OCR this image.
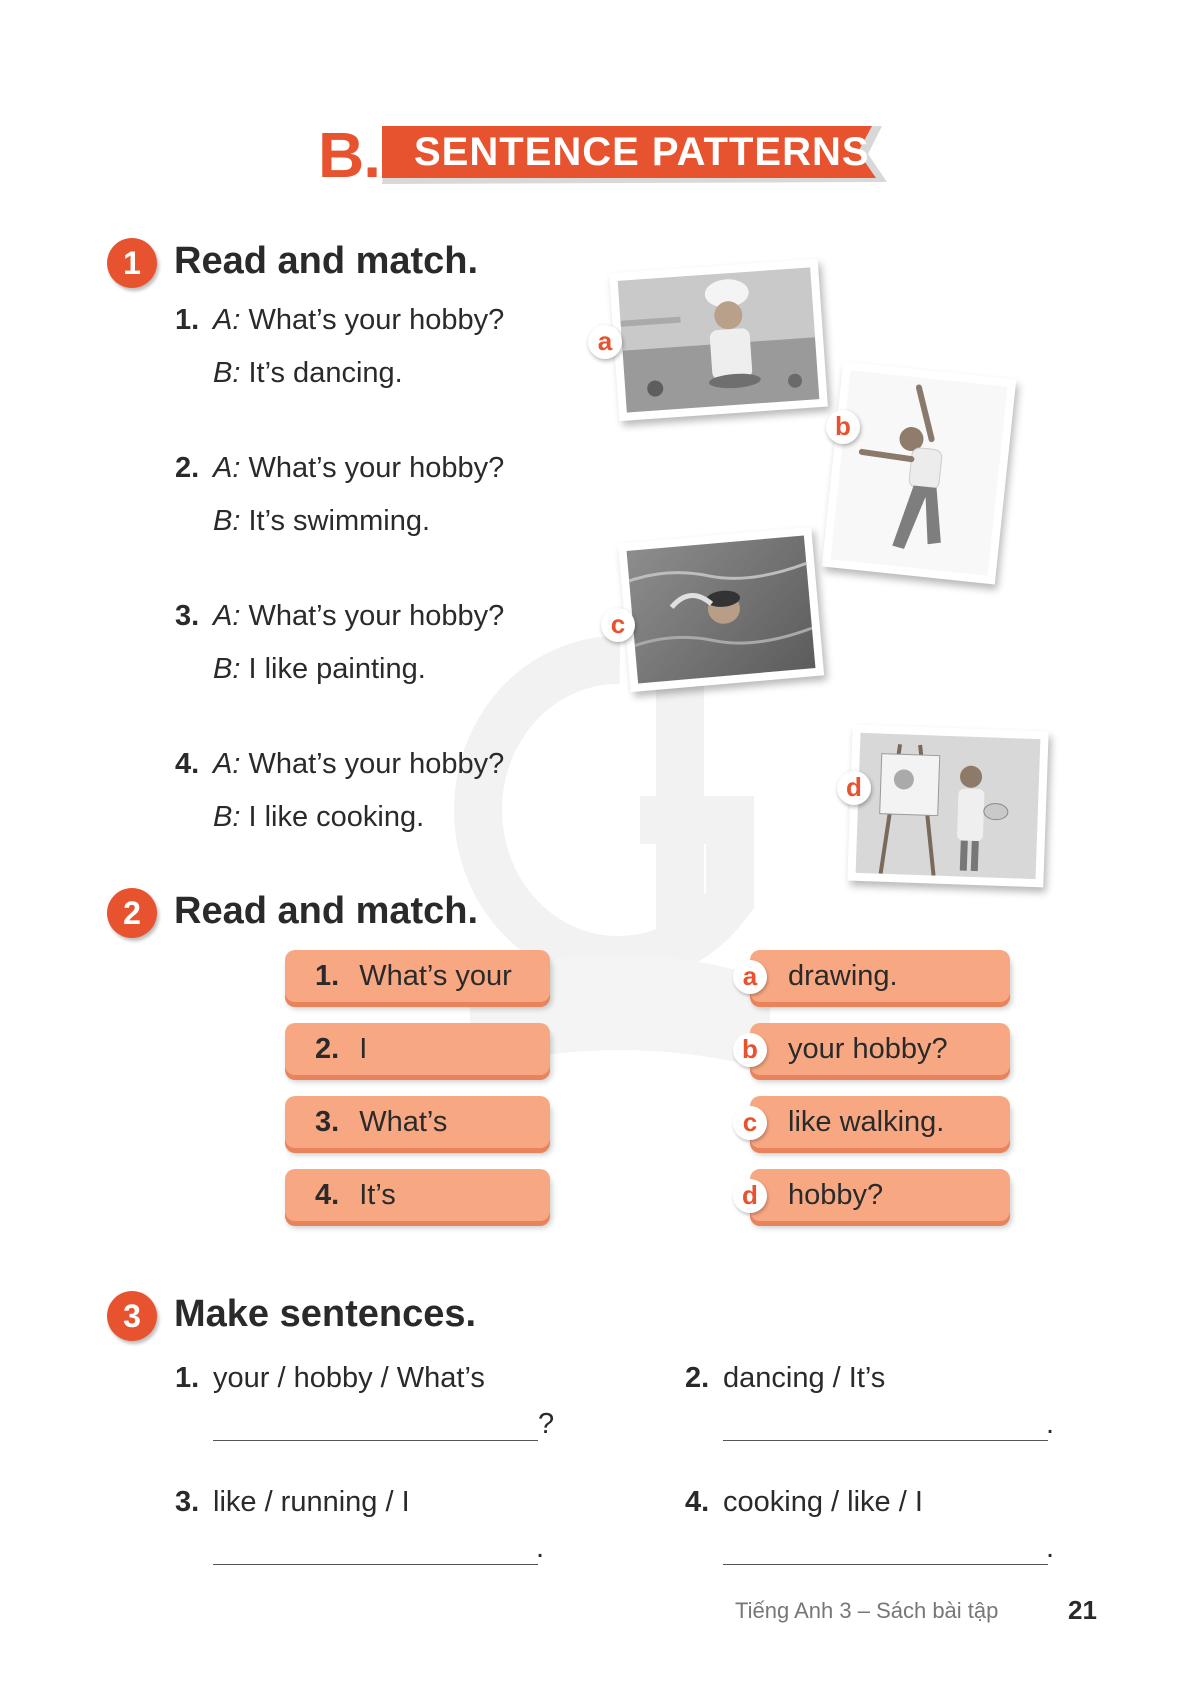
B. SENTENCE PATTERNS
1 Read and match.
1. A: What’s your hobby?
B: It’s dancing.
2. A: What’s your hobby?
B: It’s swimming.
3. A: What’s your hobby?
B: I like painting.
4. A: What’s your hobby?
B: I like cooking.
a
b
c
d
2 Read and match.
1. What’s your
2. I
3. What’s
4. It’s
drawing.
a
your hobby?
b
like walking.
c
hobby?
d
3 Make sentences.
1. your / hobby / What’s
?
2. dancing / It’s
.
3. like / running / I
.
4. cooking / like / I
.
Tiếng Anh 3 – Sách bài tập	21
